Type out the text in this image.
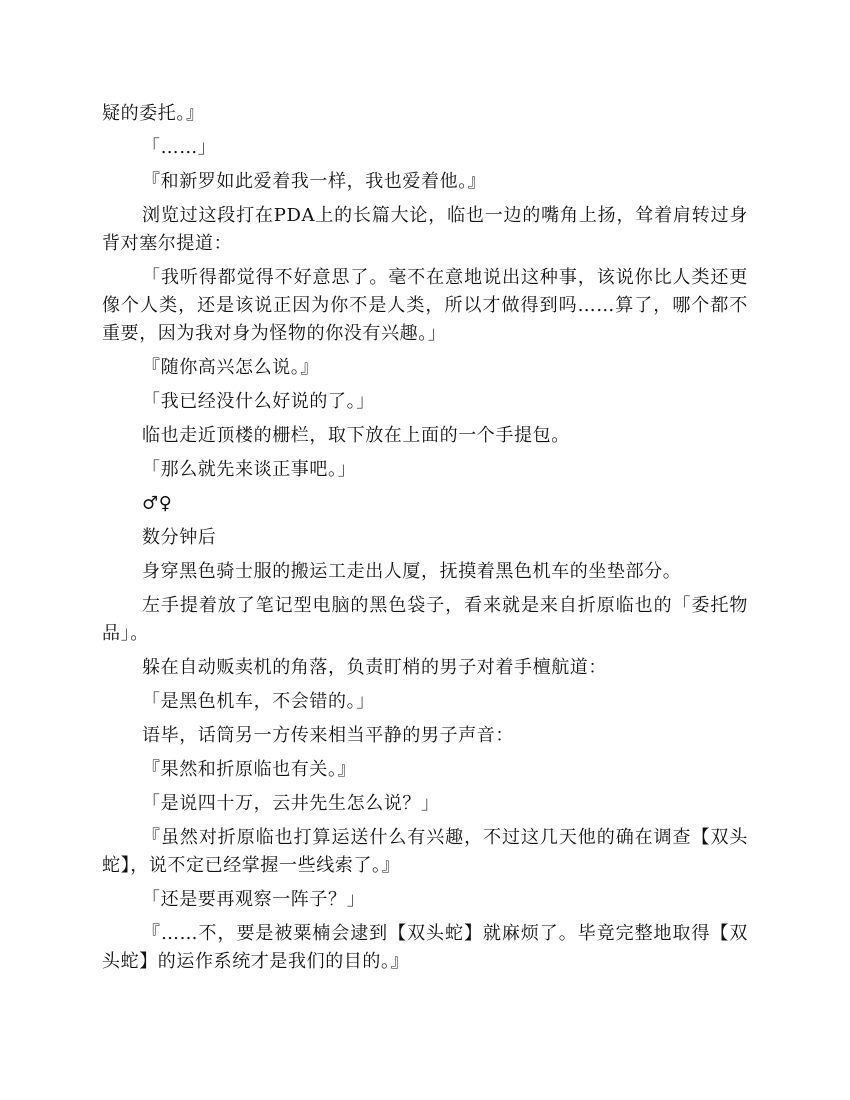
疑的委托。』

「……」

『和新罗如此爱着我一样，我也爱着他。』

浏览过这段打在PDA上的长篇大论，临也一边的嘴角上扬，耸着肩转过身背对塞尔提道：

「我听得都觉得不好意思了。毫不在意地说出这种事，该说你比人类还更像个人类，还是该说正因为你不是人类，所以才做得到吗……算了，哪个都不重要，因为我对身为怪物的你没有兴趣。」

『随你高兴怎么说。』

「我已经没什么好说的了。」

临也走近顶楼的栅栏，取下放在上面的一个手提包。

「那么就先来谈正事吧。」

♂♀

数分钟后

身穿黑色骑士服的搬运工走出人厦，抚摸着黑色机车的坐垫部分。

左手提着放了笔记型电脑的黑色袋子，看来就是来自折原临也的「委托物品」。

躲在自动贩卖机的角落，负责盯梢的男子对着手檀航道：

「是黑色机车，不会错的。」

语毕，话筒另一方传来相当平静的男子声音：

『果然和折原临也有关。』

「是说四十万，云井先生怎么说？」

『虽然对折原临也打算运送什么有兴趣，不过这几天他的确在调查【双头蛇】，说不定已经掌握一些线索了。』

「还是要再观察一阵子？」

『……不，要是被粟楠会逮到【双头蛇】就麻烦了。毕竟完整地取得【双头蛇】的运作系统才是我们的目的。』
